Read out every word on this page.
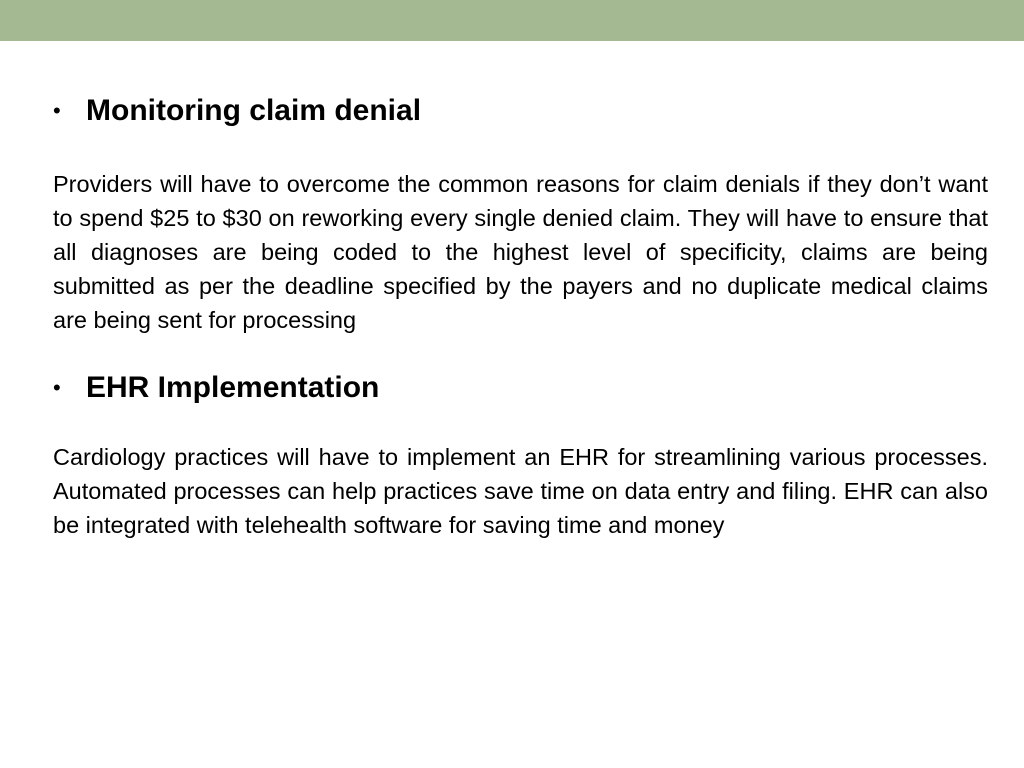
• Monitoring claim denial

Providers will have to overcome the common reasons for claim denials if they don’t want to spend $25 to $30 on reworking every single denied claim. They will have to ensure that all diagnoses are being coded to the highest level of specificity, claims are being submitted as per the deadline specified by the payers and no duplicate medical claims are being sent for processing

• EHR Implementation

Cardiology practices will have to implement an EHR for streamlining various processes. Automated processes can help practices save time on data entry and filing. EHR can also be integrated with telehealth software for saving time and money
